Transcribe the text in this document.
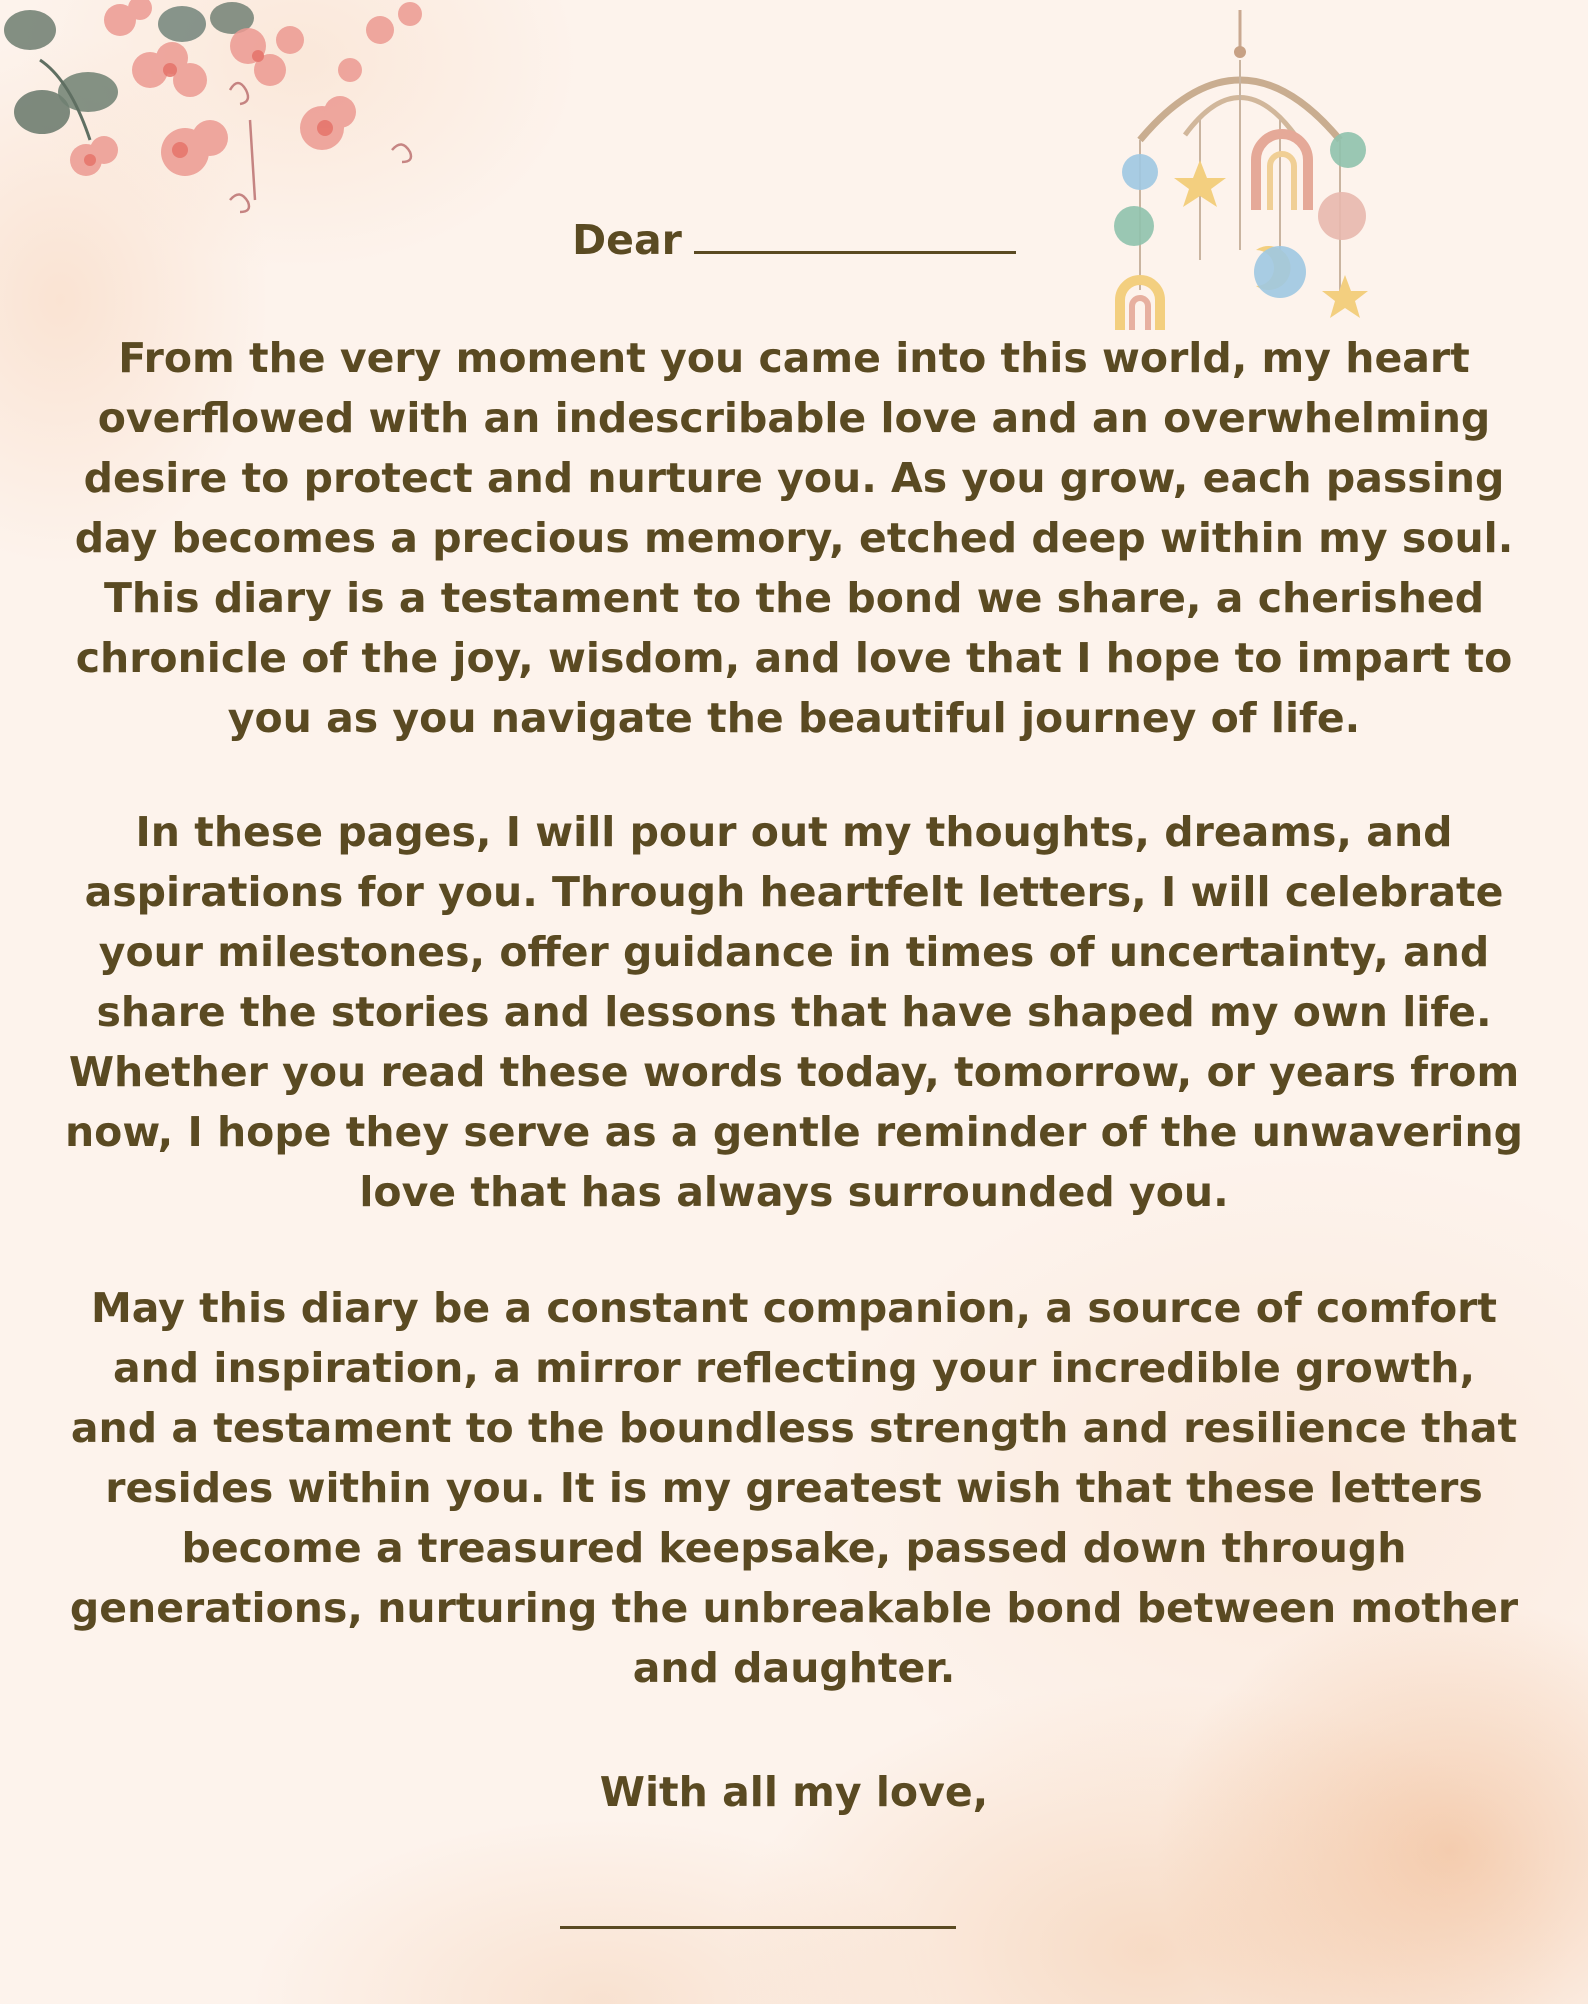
Dear

From the very moment you came into this world, my heart
overflowed with an indescribable love and an overwhelming
desire to protect and nurture you. As you grow, each passing
day becomes a precious memory, etched deep within my soul.
This diary is a testament to the bond we share, a cherished
chronicle of the joy, wisdom, and love that I hope to impart to
you as you navigate the beautiful journey of life.

In these pages, I will pour out my thoughts, dreams, and
aspirations for you. Through heartfelt letters, I will celebrate
your milestones, offer guidance in times of uncertainty, and
share the stories and lessons that have shaped my own life.
Whether you read these words today, tomorrow, or years from
now, I hope they serve as a gentle reminder of the unwavering
love that has always surrounded you.

May this diary be a constant companion, a source of comfort
and inspiration, a mirror reflecting your incredible growth,
and a testament to the boundless strength and resilience that
resides within you. It is my greatest wish that these letters
become a treasured keepsake, passed down through
generations, nurturing the unbreakable bond between mother
and daughter.

With all my love,
